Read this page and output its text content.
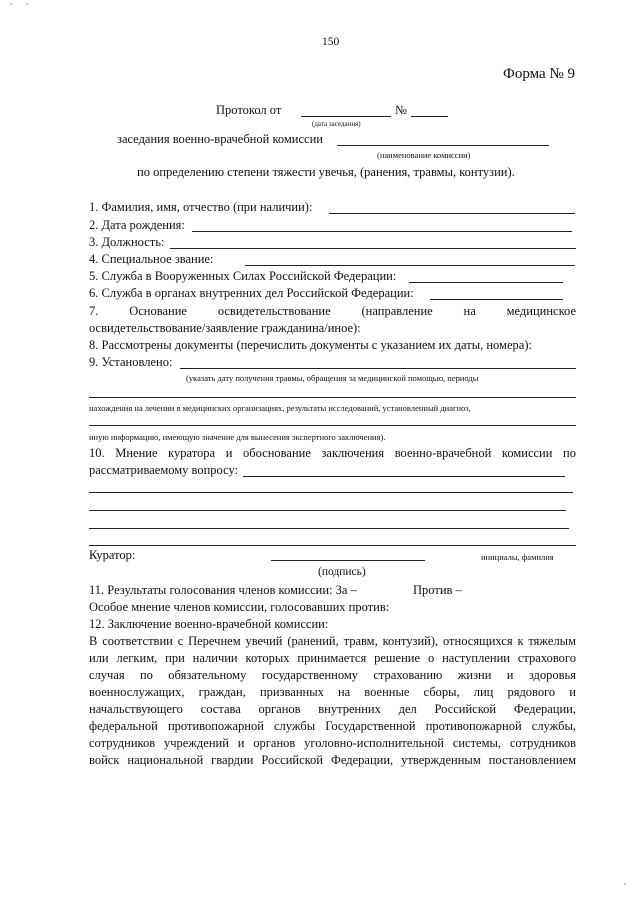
150
Форма № 9
Протокол от	№
(дата заседания)
заседания военно-врачебной комиссии
(наименование комиссии)
по определению степени тяжести увечья, (ранения, травмы, контузии).
1. Фамилия, имя, отчество (при наличии):
2. Дата рождения:
3. Должность:
4. Специальное звание:
5. Служба в Вооруженных Силах Российской Федерации:
6. Служба в органах внутренних дел Российской Федерации:
7. Основание освидетельствование (направление на медицинское
освидетельствование/заявление гражданина/иное):
8. Рассмотрены документы (перечислить документы с указанием их даты, номера):
9. Установлено:
(указать дату получения травмы, обращения за медицинской помощью, периоды
нахождения на лечении в медицинских организациях, результаты исследований, установленный диагноз,
иную информацию, имеющую значение для вынесения экспертного заключения).
10. Мнение куратора и обоснование заключения военно-врачебной комиссии по
рассматриваемому вопросу:
Куратор:	инициалы, фамилия
(подпись)
11. Результаты голосования членов комиссии: За –	Против –
Особое мнение членов комиссии, голосовавших против:
12. Заключение военно-врачебной комиссии:
В соответствии с Перечнем увечий (ранений, травм, контузий), относящихся к тяжелым
или легким, при наличии которых принимается решение о наступлении страхового
случая по обязательному государственному страхованию жизни и здоровья
военнослужащих, граждан, призванных на военные сборы, лиц рядового и
начальствующего состава органов внутренних дел Российской Федерации,
федеральной противопожарной службы Государственной противопожарной службы,
сотрудников учреждений и органов уголовно-исполнительной системы, сотрудников
войск национальной гвардии Российской Федерации, утвержденным постановлением
